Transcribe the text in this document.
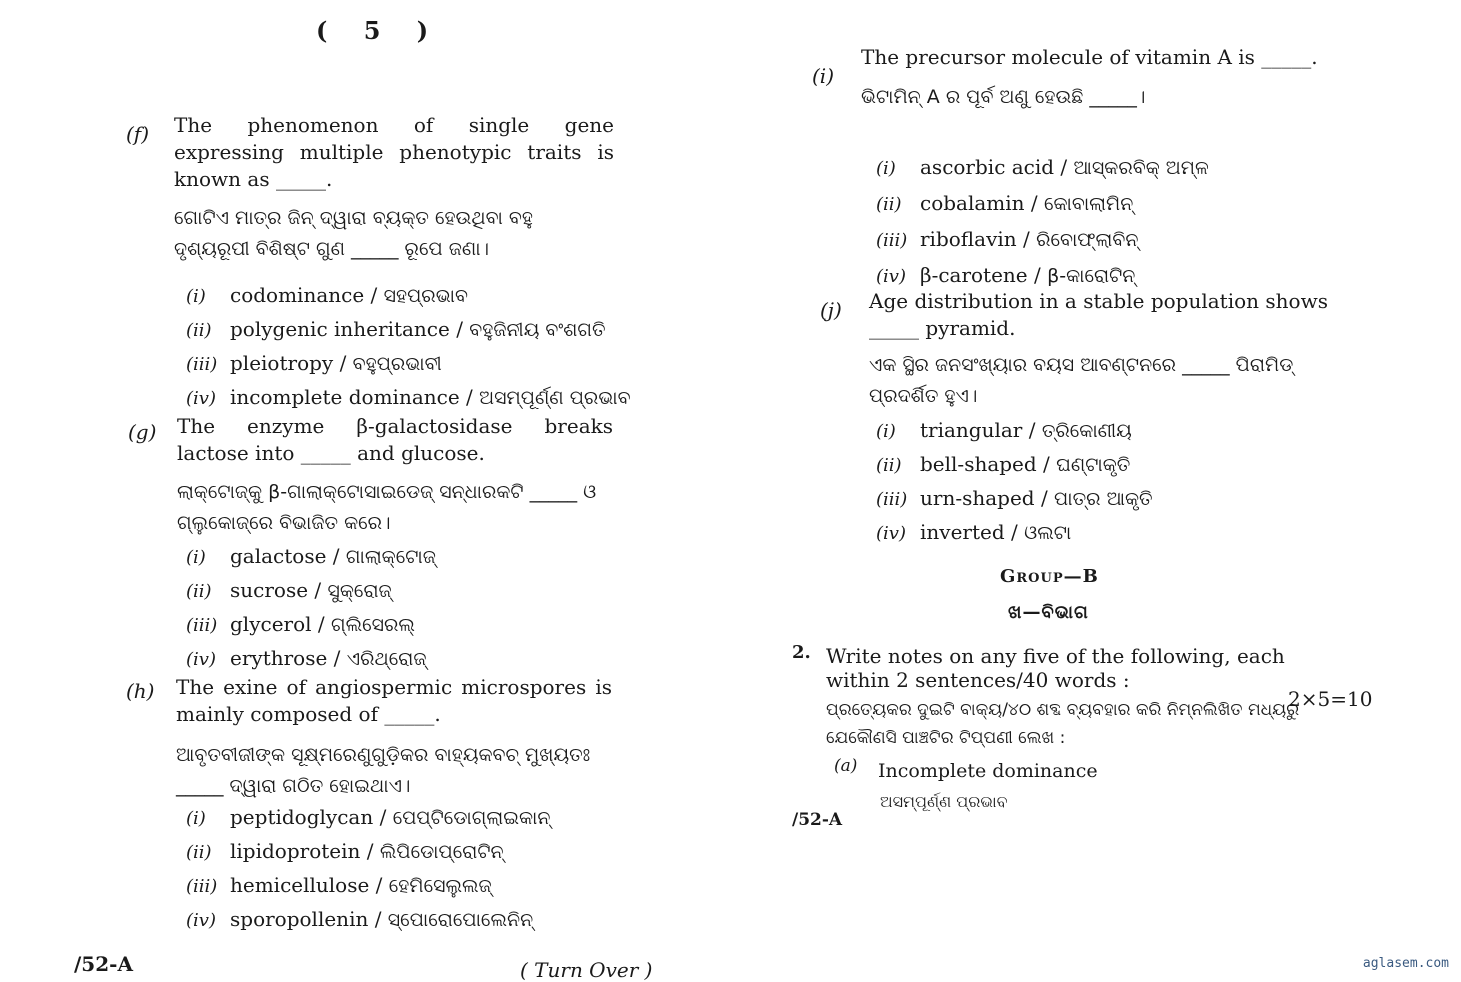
( 5 )
(f) The phenomenon of single gene expressing multiple phenotypic traits is known as _____.
ଗୋଟିଏ ମାତ୍ର ଜିନ୍ ଦ୍ୱାରା ବ୍ୟକ୍ତ ହେଉଥିବା ବହୁ ଦୃଶ୍ୟରୂପୀ ବିଶିଷ୍ଟ ଗୁଣ _____ ରୂପେ ଜଣା।
(i) codominance / ସହପ୍ରଭାବ
(ii) polygenic inheritance / ବହୁଜିନୀୟ ବଂଶଗତି
(iii) pleiotropy / ବହୁପ୍ରଭାବୀ
(iv) incomplete dominance / ଅସମ୍ପୂର୍ଣ୍ଣ ପ୍ରଭାବ
(g) The enzyme β-galactosidase breaks lactose into _____ and glucose.
ଲାକ୍ଟୋଜ୍‌କୁ β-ଗାଲାକ୍ଟୋସାଇଡେଜ୍ ସନ୍ଧାରକଟି _____ ଓ ଗ୍ଲୁକୋଜ୍‌ରେ ବିଭାଜିତ କରେ।
(i) galactose / ଗାଲାକ୍ଟୋଜ୍
(ii) sucrose / ସୁକ୍ରୋଜ୍
(iii) glycerol / ଗ୍ଲିସେରଲ୍
(iv) erythrose / ଏରିଥ୍ରୋଜ୍
(h) The exine of angiospermic microspores is mainly composed of _____.
ଆବୃତବୀଜୀଙ୍କ ସୂକ୍ଷ୍ମରେଣୁଗୁଡ଼ିକର ବାହ୍ୟକବଚ୍ ମୁଖ୍ୟତଃ _____ ଦ୍ୱାରା ଗଠିତ ହୋଇଥାଏ।
(i) peptidoglycan / ପେପ୍ଟିଡୋଗ୍ଲାଇକାନ୍
(ii) lipidoprotein / ଲିପିଡୋପ୍ରୋଟିନ୍
(iii) hemicellulose / ହେମିସେଲୁଲଜ୍
(iv) sporopollenin / ସ୍ପୋରୋପୋଲେନିନ୍
/52-A	( Turn Over )
(i)
The precursor molecule of vitamin A is _____.
ଭିଟାମିନ୍ A ର ପୂର୍ବ ଅଣୁ ହେଉଛି _____।
(i) ascorbic acid / ଆସ୍କରବିକ୍ ଅମ୍ଳ
(ii) cobalamin / କୋବାଲାମିନ୍
(iii) riboflavin / ରିବୋଫ୍ଲାବିନ୍
(iv) β-carotene / β-କାରୋଟିନ୍
(j) Age distribution in a stable population shows _____ pyramid.
ଏକ ସ୍ଥିର ଜନସଂଖ୍ୟାର ବୟସ ଆବଣ୍ଟନରେ _____ ପିରାମିଡ୍ ପ୍ରଦର୍ଶିତ ହୁଏ।
(i) triangular / ତ୍ରିକୋଣୀୟ
(ii) bell-shaped / ଘଣ୍ଟାକୃତି
(iii) urn-shaped / ପାତ୍ର ଆକୃତି
(iv) inverted / ଓଲଟା
Group—B
ଖ—ବିଭାଗ
2. Write notes on any five of the following, each within 2 sentences/40 words :
ପ୍ରତ୍ୟେକର ଦୁଇଟି ବାକ୍ୟ/୪୦ ଶବ୍ଦ ବ୍ୟବହାର କରି ନିମ୍ନଲିଖିତ ମଧ୍ୟରୁ ଯେକୌଣସି ପାଞ୍ଚଟିର ଟିପ୍ପଣୀ ଲେଖ :
2×5=10
(a) Incomplete dominance
ଅସମ୍ପୂର୍ଣ୍ଣ ପ୍ରଭାବ
/52-A
aglasem.com
